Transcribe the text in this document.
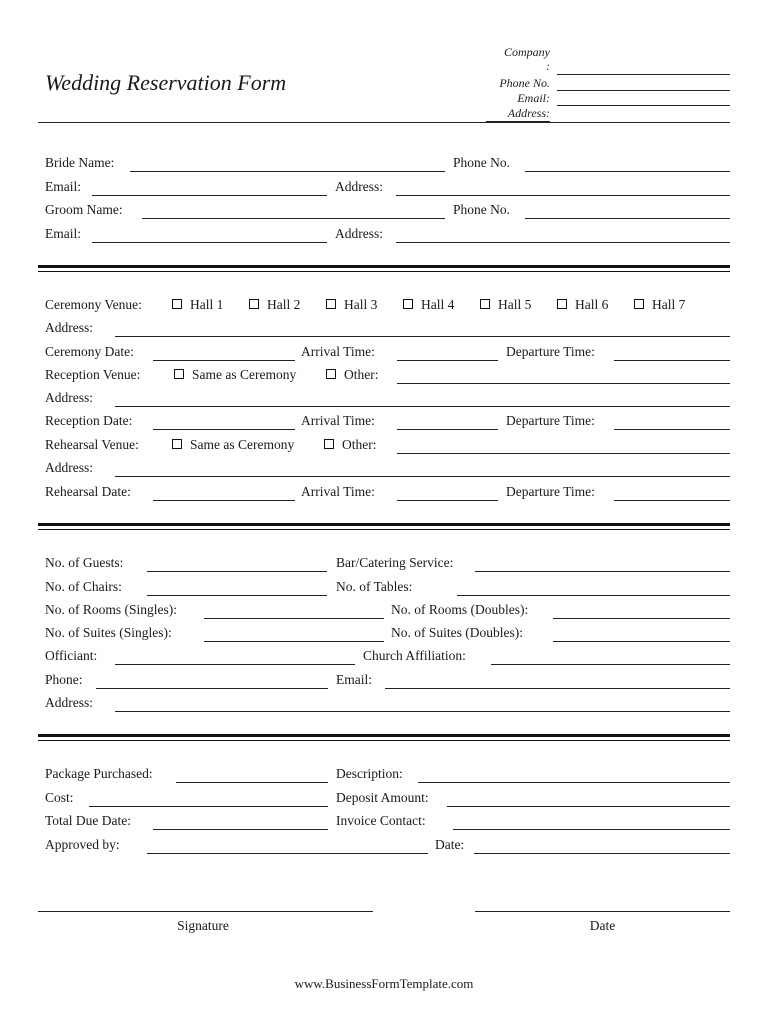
Wedding Reservation Form
Company
:
Phone No.
Email:
Address:
Bride Name:	Phone No.
Email:	Address:
Groom Name:	Phone No.
Email:	Address:
Ceremony Venue:	Hall 1	Hall 2	Hall 3	Hall 4	Hall 5	Hall 6	Hall 7
Address:
Ceremony Date:	Arrival Time:	Departure Time:
Reception Venue:	Same as Ceremony	Other:
Address:
Reception Date:	Arrival Time:	Departure Time:
Rehearsal Venue:	Same as Ceremony	Other:
Address:
Rehearsal Date:	Arrival Time:	Departure Time:
No. of Guests:	Bar/Catering Service:
No. of Chairs:	No. of Tables:
No. of Rooms (Singles):	No. of Rooms (Doubles):
No. of Suites (Singles):	No. of Suites (Doubles):
Officiant:	Church Affiliation:
Phone:	Email:
Address:
Package Purchased:	Description:
Cost:	Deposit Amount:
Total Due Date:	Invoice Contact:
Approved by:	Date:
Signature	Date
www.BusinessFormTemplate.com
